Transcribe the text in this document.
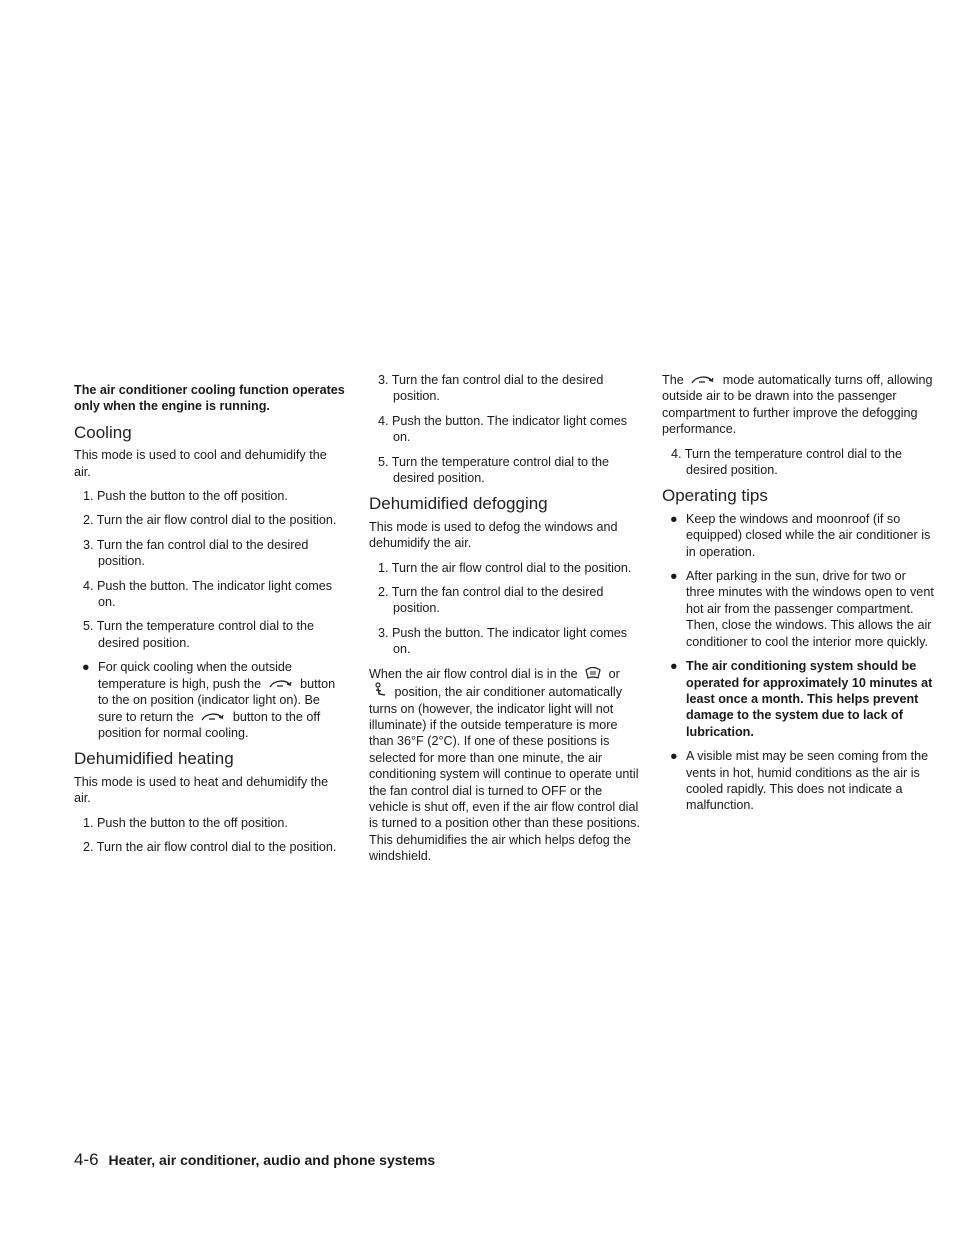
The air conditioner cooling function operates only when the engine is running.

Cooling

This mode is used to cool and dehumidify the air.

1. Push the button to the off position.

2. Turn the air flow control dial to the position.

3. Turn the fan control dial to the desired position.

4. Push the button. The indicator light comes on.

5. Turn the temperature control dial to the desired position.

● For quick cooling when the outside temperature is high, push the	button to the on position (indicator light on). Be sure to return the	button to the off position for normal cooling.
Dehumidified heating

This mode is used to heat and dehumidify the air.

1. Push the button to the off position.

2. Turn the air flow control dial to the position.

3. Turn the fan control dial to the desired position.

4. Push the button. The indicator light comes on.

5. Turn the temperature control dial to the desired position.

Dehumidified defogging

This mode is used to defog the windows and dehumidify the air.

1. Turn the air flow control dial to the position.

2. Turn the fan control dial to the desired position.

3. Push the button. The indicator light comes on.

When the air flow control dial is in the or  position, the air conditioner automatically turns on (however, the indicator light will not illuminate) if the outside temperature is more than 36°F (2°C). If one of these positions is selected for more than one minute, the air conditioning system will continue to operate until the fan control dial is turned to OFF or the vehicle is shut off, even if the air flow control dial is turned to a position other than these positions. This dehumidifies the air which helps defog the windshield.

The	mode automatically turns off, allowing outside air to be drawn into the passenger compartment to further improve the defogging performance.

4. Turn the temperature control dial to the desired position.

Operating tips
● Keep the windows and moonroof (if so equipped) closed while the air conditioner is in operation.
● After parking in the sun, drive for two or three minutes with the windows open to vent hot air from the passenger compartment. Then, close the windows. This allows the air conditioner to cool the interior more quickly.
● The air conditioning system should be operated for approximately 10 minutes at least once a month. This helps prevent damage to the system due to lack of lubrication.
● A visible mist may be seen coming from the vents in hot, humid conditions as the air is cooled rapidly. This does not indicate a malfunction.
4-6 Heater, air conditioner, audio and phone systems
